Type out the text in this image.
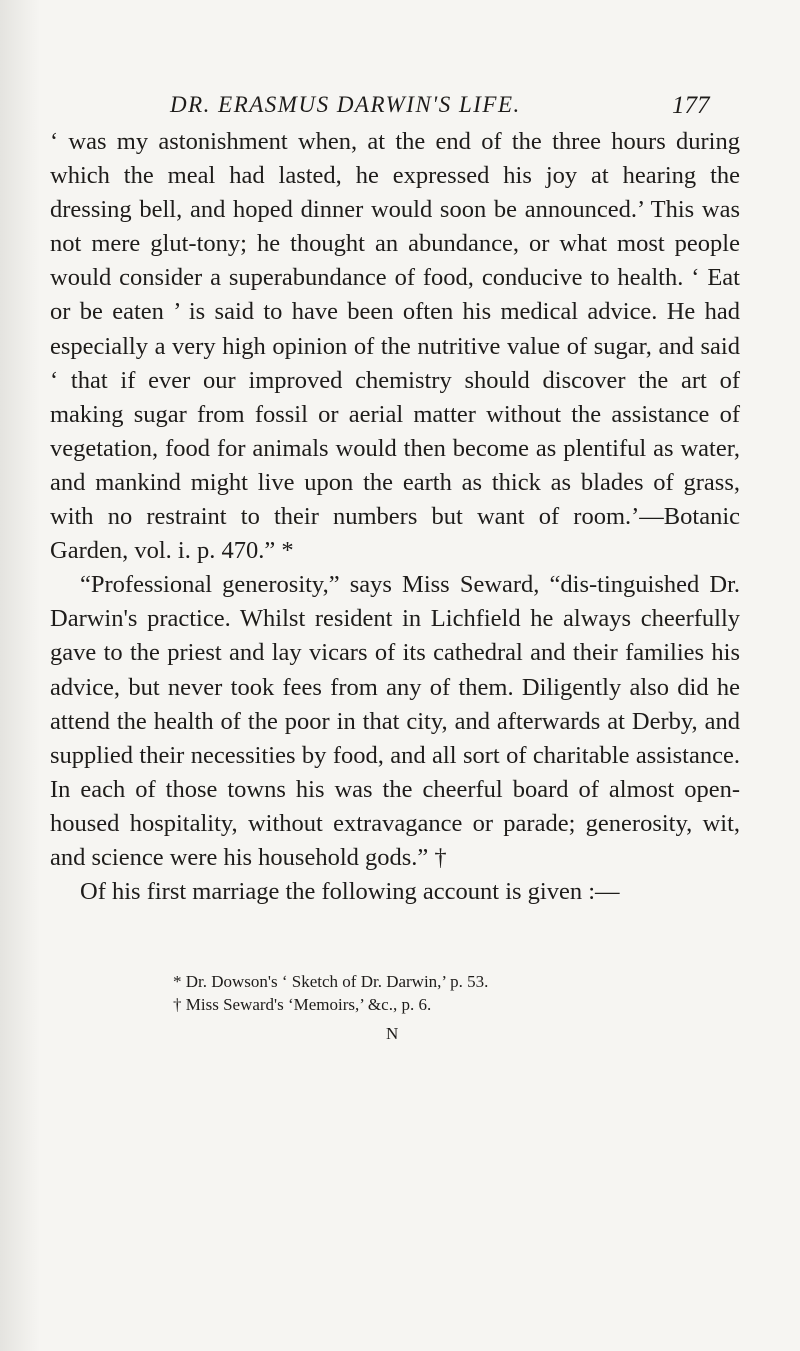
DR. ERASMUS DARWIN'S LIFE.	177

‘ was my astonishment when, at the end of the three hours during which the meal had lasted, he expressed his joy at hearing the dressing bell, and hoped dinner would soon be announced.’ This was not mere glut-tony; he thought an abundance, or what most people would consider a superabundance of food, conducive to health. ‘ Eat or be eaten ’ is said to have been often his medical advice. He had especially a very high opinion of the nutritive value of sugar, and said ‘ that if ever our improved chemistry should discover the art of making sugar from fossil or aerial matter without the assistance of vegetation, food for animals would then become as plentiful as water, and mankind might live upon the earth as thick as blades of grass, with no restraint to their numbers but want of room.’—Botanic Garden, vol. i. p. 470.” *

“Professional generosity,” says Miss Seward, “dis-tinguished Dr. Darwin's practice. Whilst resident in Lichfield he always cheerfully gave to the priest and lay vicars of its cathedral and their families his advice, but never took fees from any of them. Diligently also did he attend the health of the poor in that city, and afterwards at Derby, and supplied their necessities by food, and all sort of charitable assistance. In each of those towns his was the cheerful board of almost open-housed hospitality, without extravagance or parade; generosity, wit, and science were his household gods.” †

Of his first marriage the following account is given :—

* Dr. Dowson's ‘ Sketch of Dr. Darwin,’ p. 53.
† Miss Seward's ‘Memoirs,’ &c., p. 6.
N
